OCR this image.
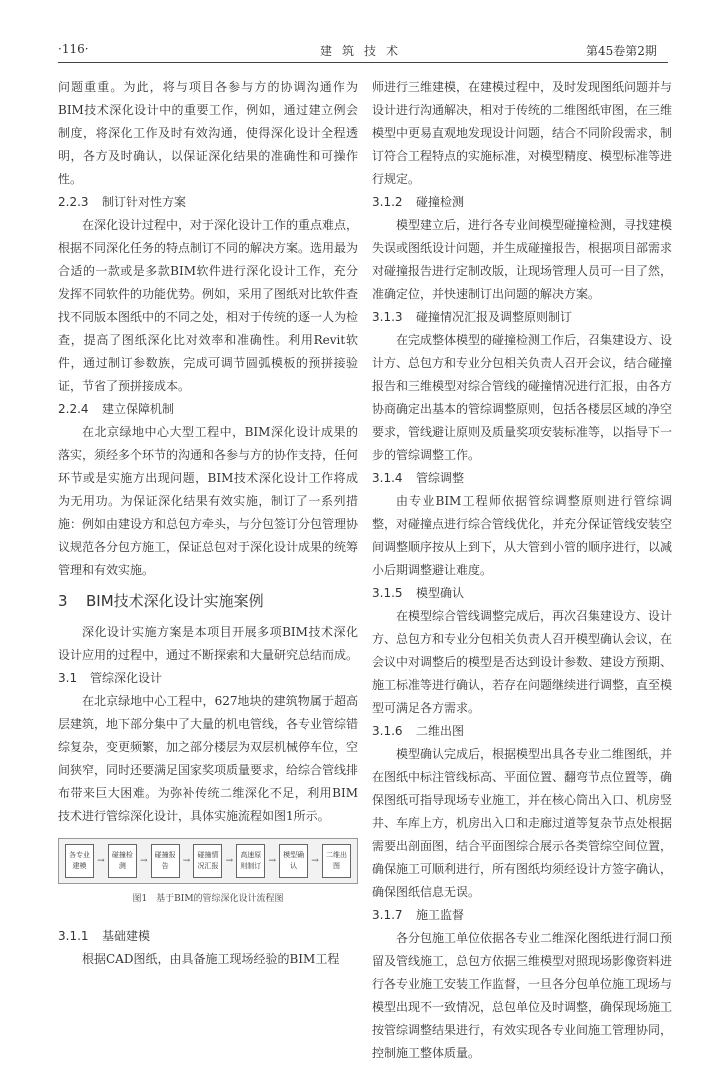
·116·	建筑技术	第45卷第2期

问题重重。为此，将与项目各参与方的协调沟通作为BIM技术深化设计中的重要工作，例如，通过建立例会制度，将深化工作及时有效沟通，使得深化设计全程透明，各方及时确认，以保证深化结果的准确性和可操作性。

2.2.3 制订针对性方案

在深化设计过程中，对于深化设计工作的重点难点，根据不同深化任务的特点制订不同的解决方案。选用最为合适的一款或是多款BIM软件进行深化设计工作，充分发挥不同软件的功能优势。例如，采用了图纸对比软件查找不同版本图纸中的不同之处，相对于传统的逐一人为检查，提高了图纸深化比对效率和准确性。利用Revit软件，通过制订参数族，完成可调节圆弧模板的预拼接验证，节省了预拼接成本。

2.2.4 建立保障机制

在北京绿地中心大型工程中，BIM深化设计成果的落实，须经多个环节的沟通和各参与方的协作支持，任何环节或是实施方出现问题，BIM技术深化设计工作将成为无用功。为保证深化结果有效实施，制订了一系列措施：例如由建设方和总包方牵头，与分包签订分包管理协议规范各分包方施工，保证总包对于深化设计成果的统筹管理和有效实施。

3 BIM技术深化设计实施案例

深化设计实施方案是本项目开展多项BIM技术深化设计应用的过程中，通过不断探索和大量研究总结而成。

3.1 管综深化设计

在北京绿地中心工程中，627地块的建筑物属于超高层建筑，地下部分集中了大量的机电管线，各专业管综错综复杂，变更频繁，加之部分楼层为双层机械停车位，空间狭窄，同时还要满足国家奖项质量要求，给综合管线排布带来巨大困难。为弥补传统二维深化不足，利用BIM技术进行管综深化设计，具体实施流程如图1所示。

各专业建模
→
碰撞检测
→
碰撞报告
→
碰撞情况汇报
→
高速原则制订
→
模型确认
→
二维出图
图1　基于BIM的管综深化设计流程图
3.1.1 基础建模

根据CAD图纸，由具备施工现场经验的BIM工程

师进行三维建模，在建模过程中，及时发现图纸问题并与设计进行沟通解决，相对于传统的二维图纸审图，在三维模型中更易直观地发现设计问题，结合不同阶段需求，制订符合工程特点的实施标准，对模型精度、模型标准等进行规定。

3.1.2 碰撞检测

模型建立后，进行各专业间模型碰撞检测，寻找建模失误或图纸设计问题，并生成碰撞报告，根据项目部需求对碰撞报告进行定制改版，让现场管理人员可一目了然，准确定位，并快速制订出问题的解决方案。

3.1.3 碰撞情况汇报及调整原则制订

在完成整体模型的碰撞检测工作后，召集建设方、设计方、总包方和专业分包相关负责人召开会议，结合碰撞报告和三维模型对综合管线的碰撞情况进行汇报，由各方协商确定出基本的管综调整原则，包括各楼层区域的净空要求，管线避让原则及质量奖项安装标准等，以指导下一步的管综调整工作。

3.1.4 管综调整

由专业BIM工程师依据管综调整原则进行管综调整，对碰撞点进行综合管线优化，并充分保证管线安装空间调整顺序按从上到下，从大管到小管的顺序进行，以减小后期调整避让难度。

3.1.5 模型确认

在模型综合管线调整完成后，再次召集建设方、设计方、总包方和专业分包相关负责人召开模型确认会议，在会议中对调整后的模型是否达到设计参数、建设方预期、施工标准等进行确认，若存在问题继续进行调整，直至模型可满足各方需求。

3.1.6 二维出图

模型确认完成后，根据模型出具各专业二维图纸，并在图纸中标注管线标高、平面位置、翻弯节点位置等，确保图纸可指导现场专业施工，并在核心筒出入口、机房竖井、车库上方，机房出入口和走廊过道等复杂节点处根据需要出剖面图，结合平面图综合展示各类管综空间位置，确保施工可顺利进行，所有图纸均须经设计方签字确认，确保图纸信息无误。

3.1.7 施工监督

各分包施工单位依据各专业二维深化图纸进行洞口预留及管线施工，总包方依据三维模型对照现场影像资料进行各专业施工安装工作监督，一旦各分包单位施工现场与模型出现不一致情况，总包单位及时调整，确保现场施工按管综调整结果进行，有效实现各专业间施工管理协同，控制施工整体质量。
